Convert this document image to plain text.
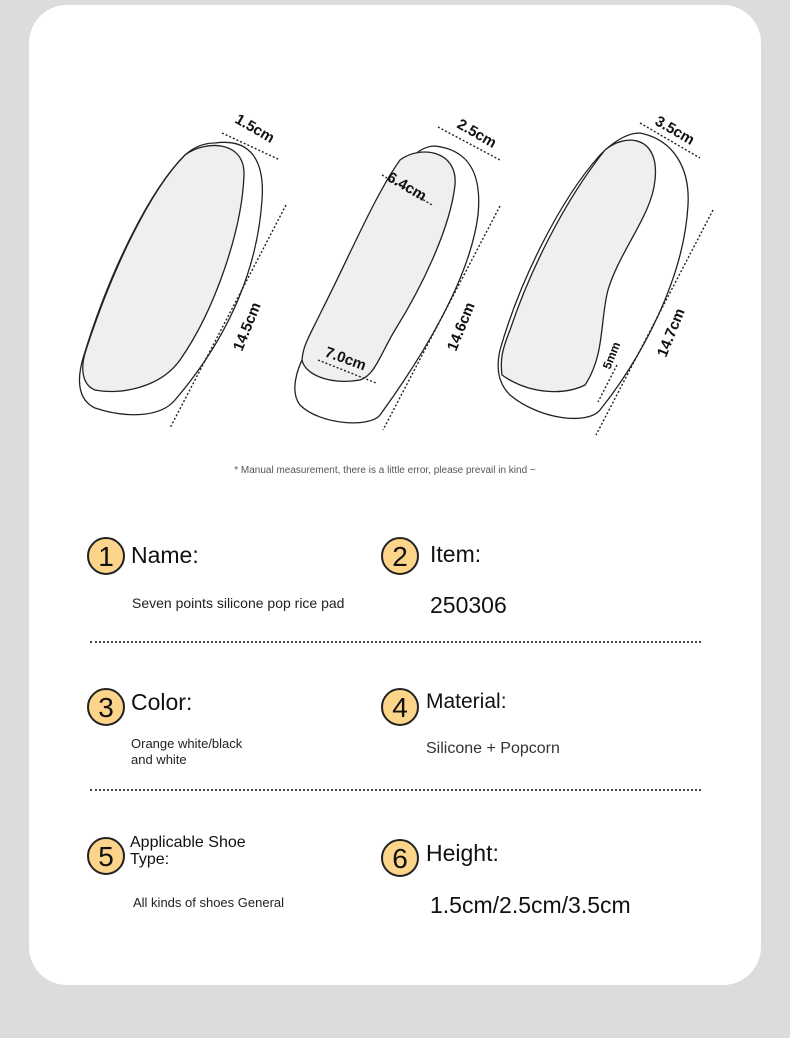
1.5cm
14.5cm
2.5cm
6.4cm
14.6cm
7.0cm
3.5cm
14.7cm
5mm
* Manual measurement, there is a little error, please prevail in kind ~
1 Name:
Seven points silicone pop rice pad
2 Item:
250306
3 Color:
Orange white/black
and white
4 Material:
Silicone + Popcorn
5	Applicable Shoe
Type:
All kinds of shoes General
6 Height:
1.5cm/2.5cm/3.5cm
